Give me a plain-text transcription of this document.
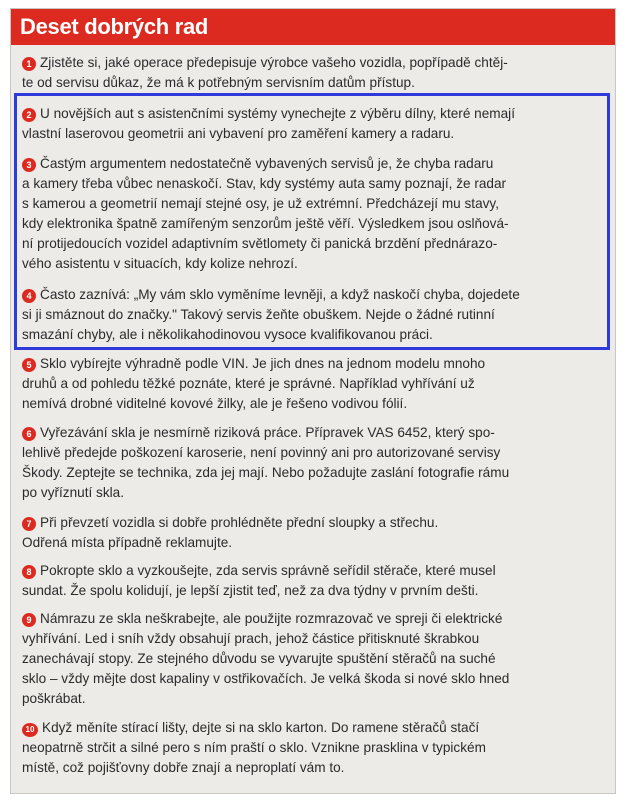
Deset dobrých rad

1 Zjistěte si, jaké operace předepisuje výrobce vašeho vozidla, popřípadě chtěj-

te od servisu důkaz, že má k potřebným servisním datům přístup.

2 U novějších aut s asistenčními systémy vynechejte z výběru dílny, které nemají

vlastní laserovou geometrii ani vybavení pro zaměření kamery a radaru.

3 Častým argumentem nedostatečně vybavených servisů je, že chyba radaru

a kamery třeba vůbec nenaskočí. Stav, kdy systémy auta samy poznají, že radar

s kamerou a geometrií nemají stejné osy, je už extrémní. Předcházejí mu stavy,

kdy elektronika špatně zamířeným senzorům ještě věří. Výsledkem jsou oslňová-

ní protijedoucích vozidel adaptivním světlomety či panická brzdění přednárazo-

vého asistentu v situacích, kdy kolize nehrozí.

4 Často zaznívá: „My vám sklo vyměníme levněji, a když naskočí chyba, dojedete

si ji smáznout do značky." Takový servis žeňte obuškem. Nejde o žádné rutinní

smazání chyby, ale i několikahodinovou vysoce kvalifikovanou práci.

5 Sklo vybírejte výhradně podle VIN. Je jich dnes na jednom modelu mnoho

druhů a od pohledu těžké poznáte, které je správné. Například vyhřívání už

nemívá drobné viditelné kovové žilky, ale je řešeno vodivou fólií.

6 Vyřezávání skla je nesmírně riziková práce. Přípravek VAS 6452, který spo-

lehlivě předejde poškození karoserie, není povinný ani pro autorizované servisy

Škody. Zeptejte se technika, zda jej mají. Nebo požadujte zaslání fotografie rámu

po vyříznutí skla.

7 Při převzetí vozidla si dobře prohlédněte přední sloupky a střechu.

Odřená místa případně reklamujte.

8 Pokropte sklo a vyzkoušejte, zda servis správně seřídil stěrače, které musel

sundat. Že spolu kolidují, je lepší zjistit teď, než za dva týdny v prvním dešti.

9 Námrazu ze skla neškrabejte, ale použijte rozmrazovač ve spreji či elektrické

vyhřívání. Led i sníh vždy obsahují prach, jehož částice přitisknuté škrabkou

zanechávají stopy. Ze stejného důvodu se vyvarujte spuštění stěračů na suché

sklo – vždy mějte dost kapaliny v ostřikovačích. Je velká škoda si nové sklo hned

poškrábat.

10 Když měníte stírací lišty, dejte si na sklo karton. Do ramene stěračů stačí

neopatrně strčit a silné pero s ním praští o sklo. Vznikne prasklina v typickém

místě, což pojišťovny dobře znají a neproplatí vám to.
